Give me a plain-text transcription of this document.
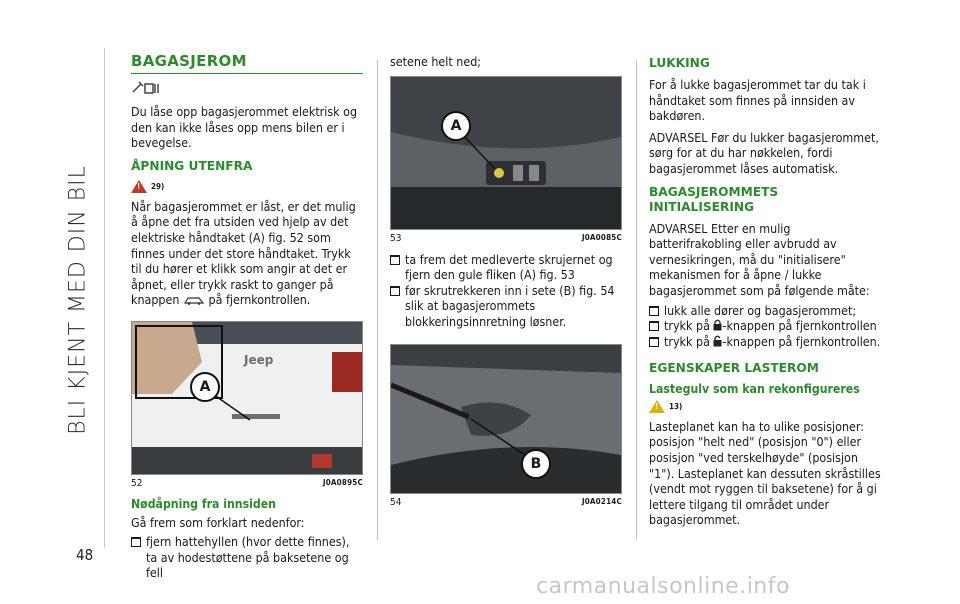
BLI KJENT MED DIN BIL
48
BAGASJEROM

Du låse opp bagasjerommet elektrisk og den kan ikke låses opp mens bilen er i bevegelse.

ÅPNING UTENFRA
!
29)

Når bagasjerommet er låst, er det mulig å åpne det fra utsiden ved hjelp av det elektriske håndtaket (A) fig. 52 som finnes under det store håndtaket. Trykk til du hører et klikk som angir at det er åpnet, eller trykk raskt to ganger på knappen på fjernkontrollen.

Jeep
A
52	J0A0895C
Nødåpning fra innsiden

Gå frem som forklart nedenfor:

fjern hattehyllen (hvor dette finnes), ta av hodestøttene på baksetene og fell

setene helt ned;

A
53	J0A0085C
ta frem det medleverte skrujernet og fjern den gule fliken (A) fig. 53
før skrutrekkeren inn i sete (B) fig. 54 slik at bagasjerommets blokkeringsinnretning løsner.
B
54	J0A0214C
LUKKING

For å lukke bagasjerommet tar du tak i håndtaket som finnes på innsiden av bakdøren.

ADVARSEL Før du lukker bagasjerommet, sørg for at du har nøkkelen, fordi bagasjerommet låses automatisk.

BAGASJEROMMETS INITIALISERING

ADVARSEL Etter en mulig batterifrakobling eller avbrudd av vernesikringen, må du "initialisere" mekanismen for å åpne / lukke bagasjerommet som på følgende måte:

lukk alle dører og bagasjerommet;
trykk på -knappen på fjernkontrollen
trykk på -knappen på fjernkontrollen.
EGENSKAPER LASTEROM
Lastegulv som kan rekonfigureres
!
13)

Lasteplanet kan ha to ulike posisjoner: posisjon "helt ned" (posisjon "0") eller posisjon "ved terskelhøyde" (posisjon "1"). Lasteplanet kan dessuten skråstilles (vendt mot ryggen til baksetene) for å gi lettere tilgang til området under bagasjerommet.

carmanualsonline.info
